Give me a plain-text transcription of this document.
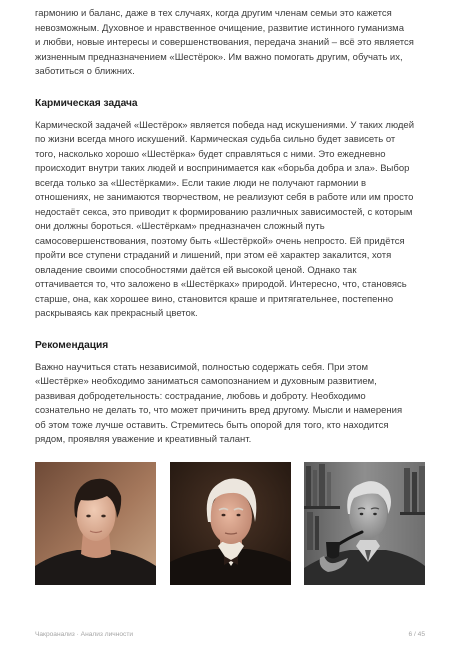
гармонию и баланс, даже в тех случаях, когда другим членам семьи это кажется
невозможным. Духовное и нравственное очищение, развитие истинного гуманизма
и любви, новые интересы и совершенствования, передача знаний – всё это является
жизненным предназначением «Шестёрок». Им важно помогать другим, обучать их,
заботиться о ближних.
Кармическая задача
Кармической задачей «Шестёрок» является победа над искушениями. У таких людей
по жизни всегда много искушений. Кармическая судьба сильно будет зависеть от
того, насколько хорошо «Шестёрка» будет справляться с ними. Это ежедневно
происходит внутри таких людей и воспринимается как «борьба добра и зла». Выбор
всегда только за «Шестёрками». Если такие люди не получают гармонии в
отношениях, не занимаются творчеством, не реализуют себя в работе или им просто
недостаёт секса, это приводит к формированию различных зависимостей, с которым
они должны бороться. «Шестёркам» предназначен сложный путь
самосовершенствования, поэтому быть «Шестёркой» очень непросто. Ей придётся
пройти все ступени страданий и лишений, при этом её характер закалится, хотя
овладение своими способностями даётся ей высокой ценой. Однако так
оттачивается то, что заложено в «Шестёрках» природой. Интересно, что, становясь
старше, она, как хорошее вино, становится краше и притягательнее, постепенно
раскрываясь как прекрасный цветок.
Рекомендация
Важно научиться стать независимой, полностью содержать себя. При этом
«Шестёрке» необходимо заниматься самопознанием и духовным развитием,
развивая добродетельность: сострадание, любовь и доброту. Необходимо
сознательно не делать то, что может причинить вред другому. Мысли и намерения
об этом тоже лучше оставить. Стремитесь быть опорой для того, кто находится
рядом, проявляя уважение и креативный талант.
Чакроанализ · Анализ личности	6 / 45
